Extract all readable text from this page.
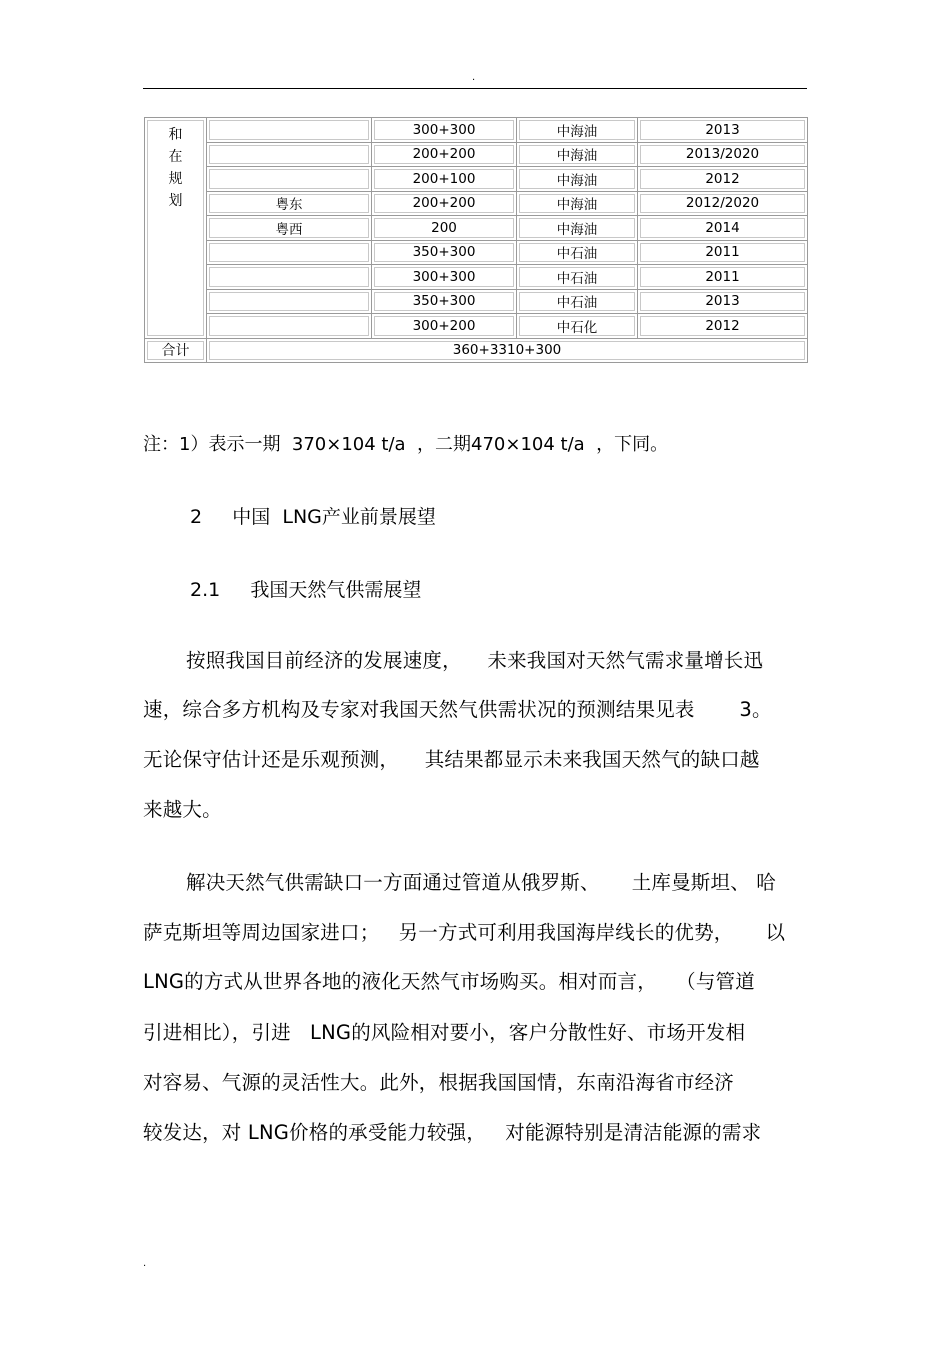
.
和
在
规
划		300+300	中海油	2013
		200+200	中海油	2013/2020
		200+100	中海油	2012
	粤东	200+200	中海油	2012/2020
	粤西	200	中海油	2014
		350+300	中石油	2011
		300+300	中石油	2011
		350+300	中石油	2013
		300+200	中石化	2012
合计	360+3310+300			
注：1）表示一期  370×104 t/a  ，二期470×104 t/a  ，下同。
2 中国  LNG产业前景展望
2.1 我国天然气供需展望
按照我国目前经济的发展速度，    未来我国对天然气需求量增长迅
速，综合多方机构及专家对我国天然气供需状况的预测结果见表       3。
无论保守估计还是乐观预测，    其结果都显示未来我国天然气的缺口越
来越大。
解决天然气供需缺口一方面通过管道从俄罗斯、     土库曼斯坦、 哈
萨克斯坦等周边国家进口；   另一方式可利用我国海岸线长的优势，     以
LNG的方式从世界各地的液化天然气市场购买。相对而言，   （与管道
引进相比），引进   LNG的风险相对要小，客户分散性好、市场开发相
对容易、气源的灵活性大。此外，根据我国国情，东南沿海省市经济
较发达，对 LNG价格的承受能力较强，   对能源特别是清洁能源的需求
.
